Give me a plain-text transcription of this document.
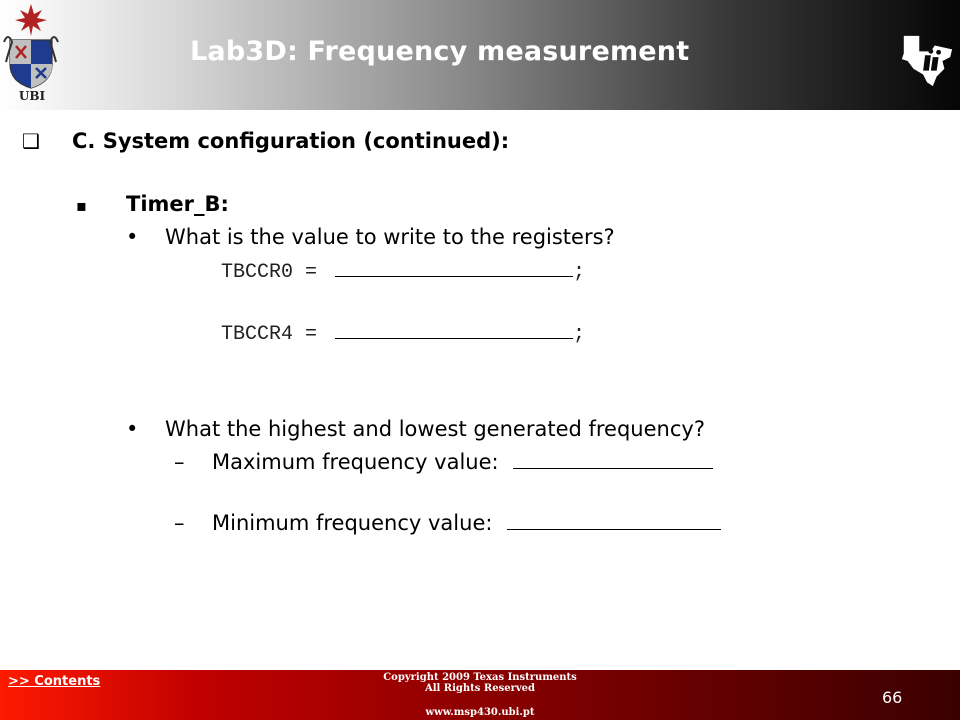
UBI
Lab3D: Frequency measurement
❑ C. System configuration (continued):
▪ Timer_B:
• What is the value to write to the registers?
TBCCR0 =	;
TBCCR4 =	;
• What the highest and lowest generated frequency?
– Maximum frequency value:
– Minimum frequency value:
>> Contents	Copyright 2009 Texas Instruments
All Rights Reserved
www.msp430.ubi.pt
66
